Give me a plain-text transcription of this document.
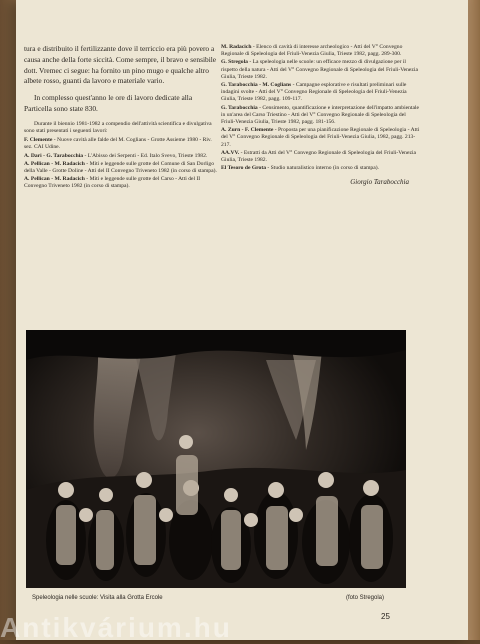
tura e distribuito il fertilizzante dove il terriccio era più povero a causa anche della forte siccità. Come sempre, il bravo e sensibile dott. Vremec ci segue: ha fornito un pino mugo e qualche altro albete rosso, guanti da lavoro e materiale vario.

In complesso quest'anno le ore di lavoro dedicate alla Particella sono state 830.

Durante il biennio 1981-1982 a compendio dell'attività scientifica e divulgativa sono stati presentati i seguenti lavori:

F. Clemente - Nuove cavità alle falde del M. Coglians - Grotte Assieme 1980 - Riv. sez. CAI Udine.

A. Dari - G. Tarabocchia - L'Abisso dei Serpenti - Ed. Italo Svevo, Trieste 1982.

A. Pellican - M. Radacich - Miti e leggende sulle grotte del Comune di San Dorligo della Valle - Grotte Doline - Atti del II Convegno Triveneto 1982 (in corso di stampa).

A. Pellican - M. Radacich - Miti e leggende sulle grotte del Carso - Atti del II Convegno Triveneto 1982 (in corso di stampa).

M. Radacich - Elenco di cavità di interesse archeologico - Atti del V° Convegno Regionale di Speleologia del Friuli-Venezia Giulia, Trieste 1982, pagg. 289-300.

G. Stregola - La speleologia nelle scuole: un efficace mezzo di divulgazione per il rispetto della natura - Atti del V° Convegno Regionale di Speleologia del Friuli-Venezia Giulia, Trieste 1982.

G. Tarabocchia - M. Coglians - Campagne esplorative e risultati preliminari sulle indagini svolte - Atti del V° Convegno Regionale di Speleologia del Friuli-Venezia Giulia, Trieste 1982, pagg. 109-117.

G. Tarabocchia - Censimento, quantificazione e interpretazione dell'impatto ambientale in un'area del Carso Triestino - Atti del V° Convegno Regionale di Speleologia del Friuli-Venezia Giulia, Trieste 1982, pagg. 181-156.

A. Zurn - F. Clemente - Proposta per una pianificazione Regionale di Speleologia - Atti del V° Convegno Regionale di Speleologia del Friuli-Venezia Giulia, 1982, pagg. 213-217.

AA.VV. - Estratti da Atti del V° Convegno Regionale di Speleologia del Friuli-Venezia Giulia, Trieste 1982.

El Tesoro de Grota - Studio naturalistico interno (in corso di stampa).

Giorgio Tarabocchia
Speleologia nelle scuole: Visita alla Grotta Ercole	(foto Stregola)
25
Antikvárium.hu
